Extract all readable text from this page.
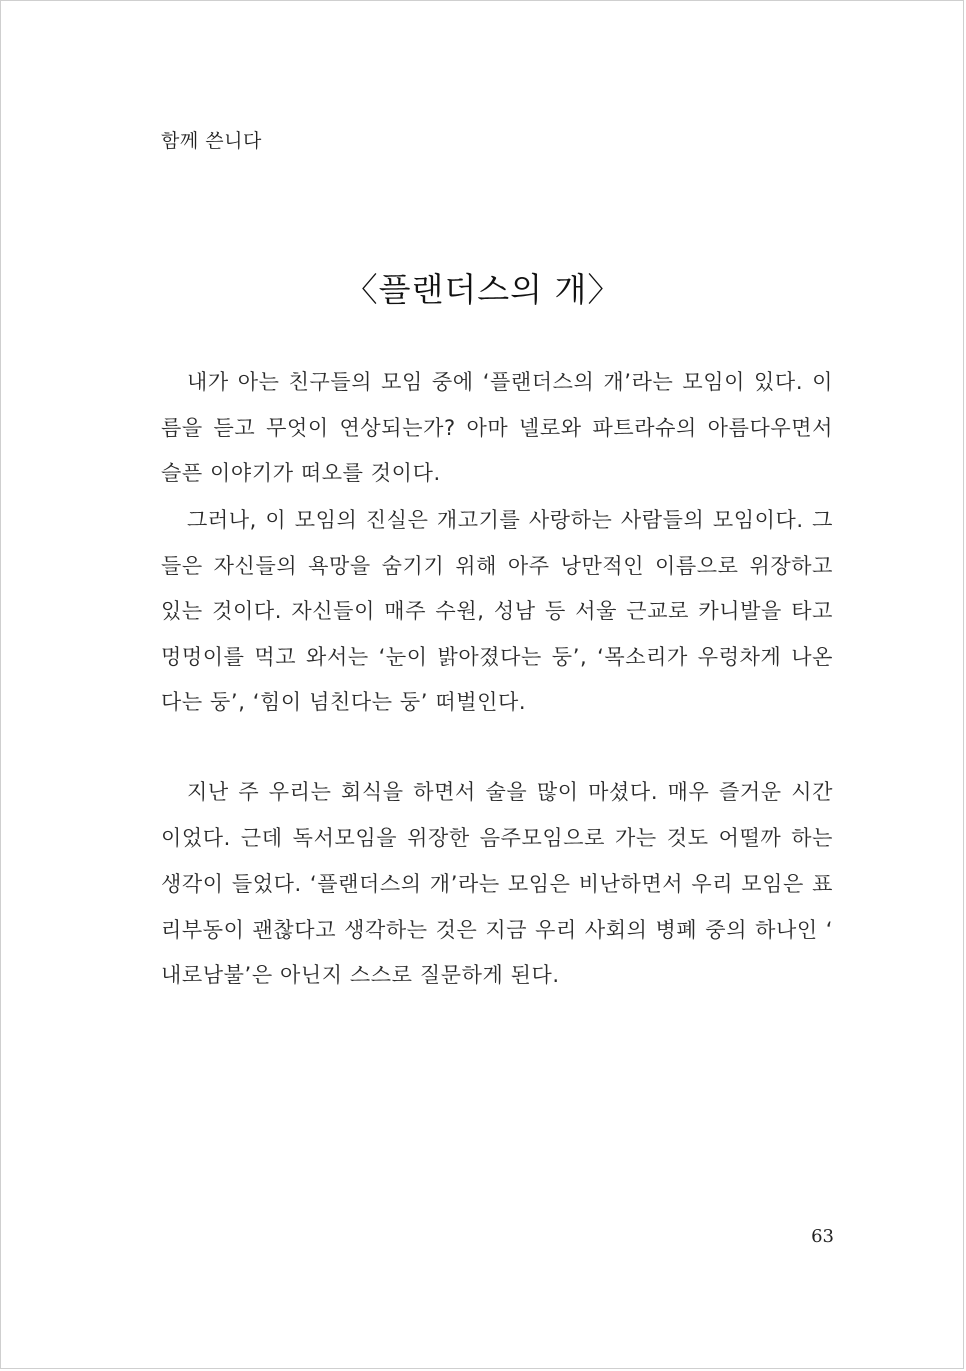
함께 쓴니다
〈플랜더스의 개〉
내가 아는 친구들의 모임 중에 ‘플랜더스의 개’라는 모임이 있다. 이
름을 듣고 무엇이 연상되는가? 아마 넬로와 파트라슈의 아름다우면서
슬픈 이야기가 떠오를 것이다.
그러나, 이 모임의 진실은 개고기를 사랑하는 사람들의 모임이다. 그
들은 자신들의 욕망을 숨기기 위해 아주 낭만적인 이름으로 위장하고
있는 것이다. 자신들이 매주 수원, 성남 등 서울 근교로 카니발을 타고
멍멍이를 먹고 와서는 ‘눈이 밝아졌다는 둥’, ‘목소리가 우렁차게 나온
다는 둥’, ‘힘이 넘친다는 둥’ 떠벌인다.
지난 주 우리는 회식을 하면서 술을 많이 마셨다. 매우 즐거운 시간
이었다. 근데 독서모임을 위장한 음주모임으로 가는 것도 어떨까 하는
생각이 들었다. ‘플랜더스의 개’라는 모임은 비난하면서 우리 모임은 표
리부동이 괜찮다고 생각하는 것은 지금 우리 사회의 병폐 중의 하나인 ‘
내로남불’은 아닌지 스스로 질문하게 된다.
63
